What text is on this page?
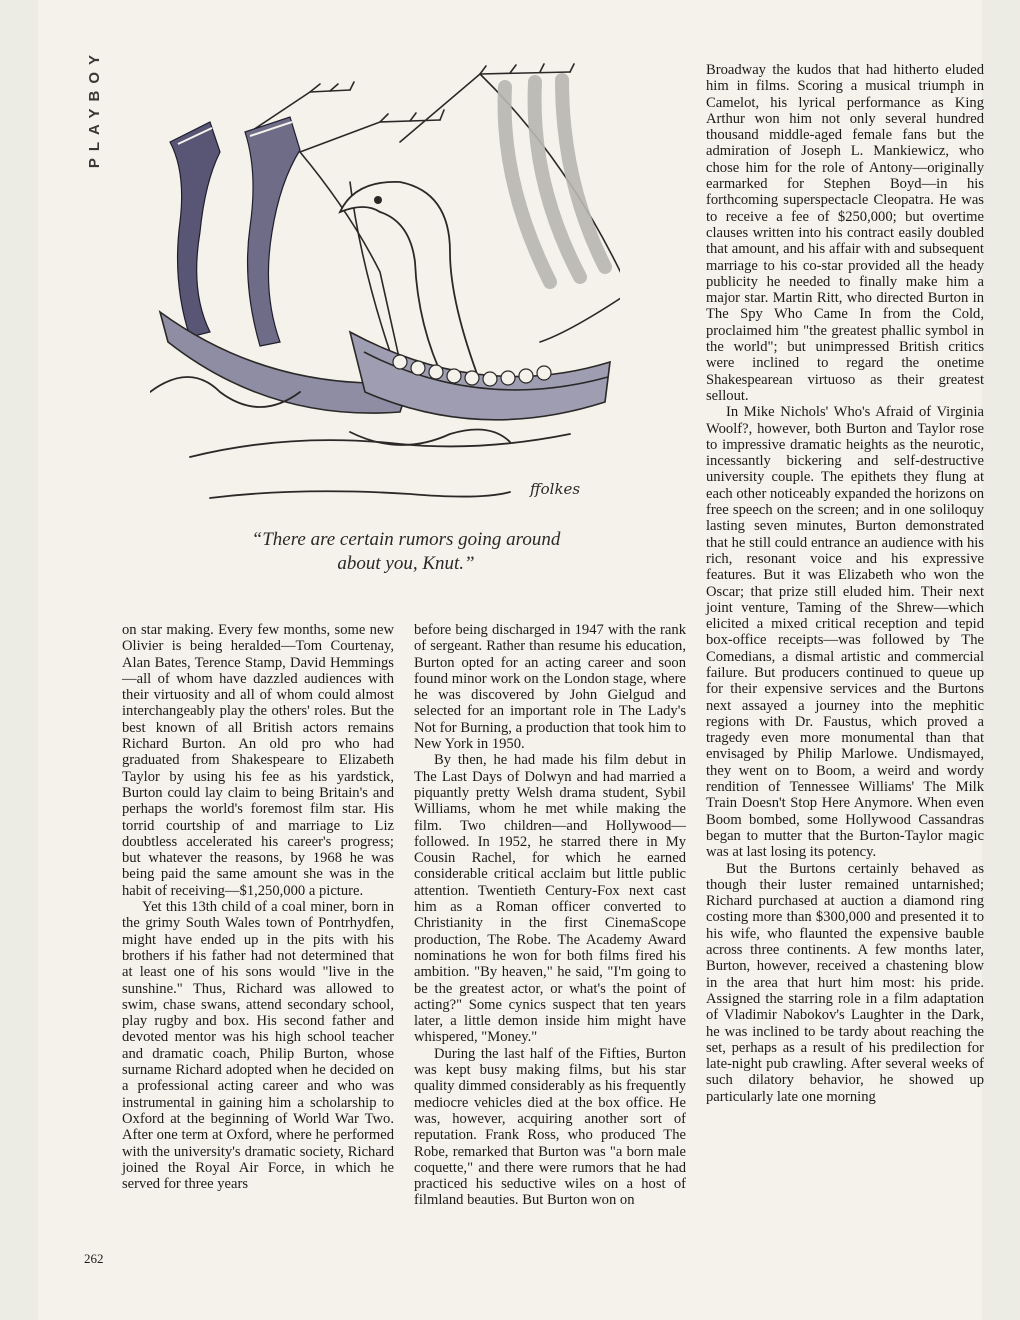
PLAYBOY
ffolkes
“There are certain rumors going around about you, Knut.”

on star making. Every few months, some new Olivier is being heralded—Tom Courtenay, Alan Bates, Terence Stamp, David Hemmings—all of whom have dazzled audiences with their virtuosity and all of whom could almost interchangeably play the others' roles. But the best known of all British actors remains Richard Burton. An old pro who had graduated from Shakespeare to Elizabeth Taylor by using his fee as his yardstick, Burton could lay claim to being Britain's and perhaps the world's foremost film star. His torrid courtship of and marriage to Liz doubtless accelerated his career's progress; but whatever the reasons, by 1968 he was being paid the same amount she was in the habit of receiving—$1,250,000 a picture.

Yet this 13th child of a coal miner, born in the grimy South Wales town of Pontrhydfen, might have ended up in the pits with his brothers if his father had not determined that at least one of his sons would "live in the sunshine." Thus, Richard was allowed to swim, chase swans, attend secondary school, play rugby and box. His second father and devoted mentor was his high school teacher and dramatic coach, Philip Burton, whose surname Richard adopted when he decided on a professional acting career and who was instrumental in gaining him a scholarship to Oxford at the beginning of World War Two. After one term at Oxford, where he performed with the university's dramatic society, Richard joined the Royal Air Force, in which he served for three years

before being discharged in 1947 with the rank of sergeant. Rather than resume his education, Burton opted for an acting career and soon found minor work on the London stage, where he was discovered by John Gielgud and selected for an important role in The Lady's Not for Burning, a production that took him to New York in 1950.

By then, he had made his film debut in The Last Days of Dolwyn and had married a piquantly pretty Welsh drama student, Sybil Williams, whom he met while making the film. Two children—and Hollywood—followed. In 1952, he starred there in My Cousin Rachel, for which he earned considerable critical acclaim but little public attention. Twentieth Century-Fox next cast him as a Roman officer converted to Christianity in the first CinemaScope production, The Robe. The Academy Award nominations he won for both films fired his ambition. "By heaven," he said, "I'm going to be the greatest actor, or what's the point of acting?" Some cynics suspect that ten years later, a little demon inside him might have whispered, "Money."

During the last half of the Fifties, Burton was kept busy making films, but his star quality dimmed considerably as his frequently mediocre vehicles died at the box office. He was, however, acquiring another sort of reputation. Frank Ross, who produced The Robe, remarked that Burton was "a born male coquette," and there were rumors that he had practiced his seductive wiles on a host of filmland beauties. But Burton won on

Broadway the kudos that had hitherto eluded him in films. Scoring a musical triumph in Camelot, his lyrical performance as King Arthur won him not only several hundred thousand middle-aged female fans but the admiration of Joseph L. Mankiewicz, who chose him for the role of Antony—originally earmarked for Stephen Boyd—in his forthcoming superspectacle Cleopatra. He was to receive a fee of $250,000; but overtime clauses written into his contract easily doubled that amount, and his affair with and subsequent marriage to his co-star provided all the heady publicity he needed to finally make him a major star. Martin Ritt, who directed Burton in The Spy Who Came In from the Cold, proclaimed him "the greatest phallic symbol in the world"; but unimpressed British critics were inclined to regard the onetime Shakespearean virtuoso as their greatest sellout.

In Mike Nichols' Who's Afraid of Virginia Woolf?, however, both Burton and Taylor rose to impressive dramatic heights as the neurotic, incessantly bickering and self-destructive university couple. The epithets they flung at each other noticeably expanded the horizons on free speech on the screen; and in one soliloquy lasting seven minutes, Burton demonstrated that he still could entrance an audience with his rich, resonant voice and his expressive features. But it was Elizabeth who won the Oscar; that prize still eluded him. Their next joint venture, Taming of the Shrew—which elicited a mixed critical reception and tepid box-office receipts—was followed by The Comedians, a dismal artistic and commercial failure. But producers continued to queue up for their expensive services and the Burtons next assayed a journey into the mephitic regions with Dr. Faustus, which proved a tragedy even more monumental than that envisaged by Philip Marlowe. Undismayed, they went on to Boom, a weird and wordy rendition of Tennessee Williams' The Milk Train Doesn't Stop Here Anymore. When even Boom bombed, some Hollywood Cassandras began to mutter that the Burton-Taylor magic was at last losing its potency.

But the Burtons certainly behaved as though their luster remained untarnished; Richard purchased at auction a diamond ring costing more than $300,000 and presented it to his wife, who flaunted the expensive bauble across three continents. A few months later, Burton, however, received a chastening blow in the area that hurt him most: his pride. Assigned the starring role in a film adaptation of Vladimir Nabokov's Laughter in the Dark, he was inclined to be tardy about reaching the set, perhaps as a result of his predilection for late-night pub crawling. After several weeks of such dilatory behavior, he showed up particularly late one morning

262
